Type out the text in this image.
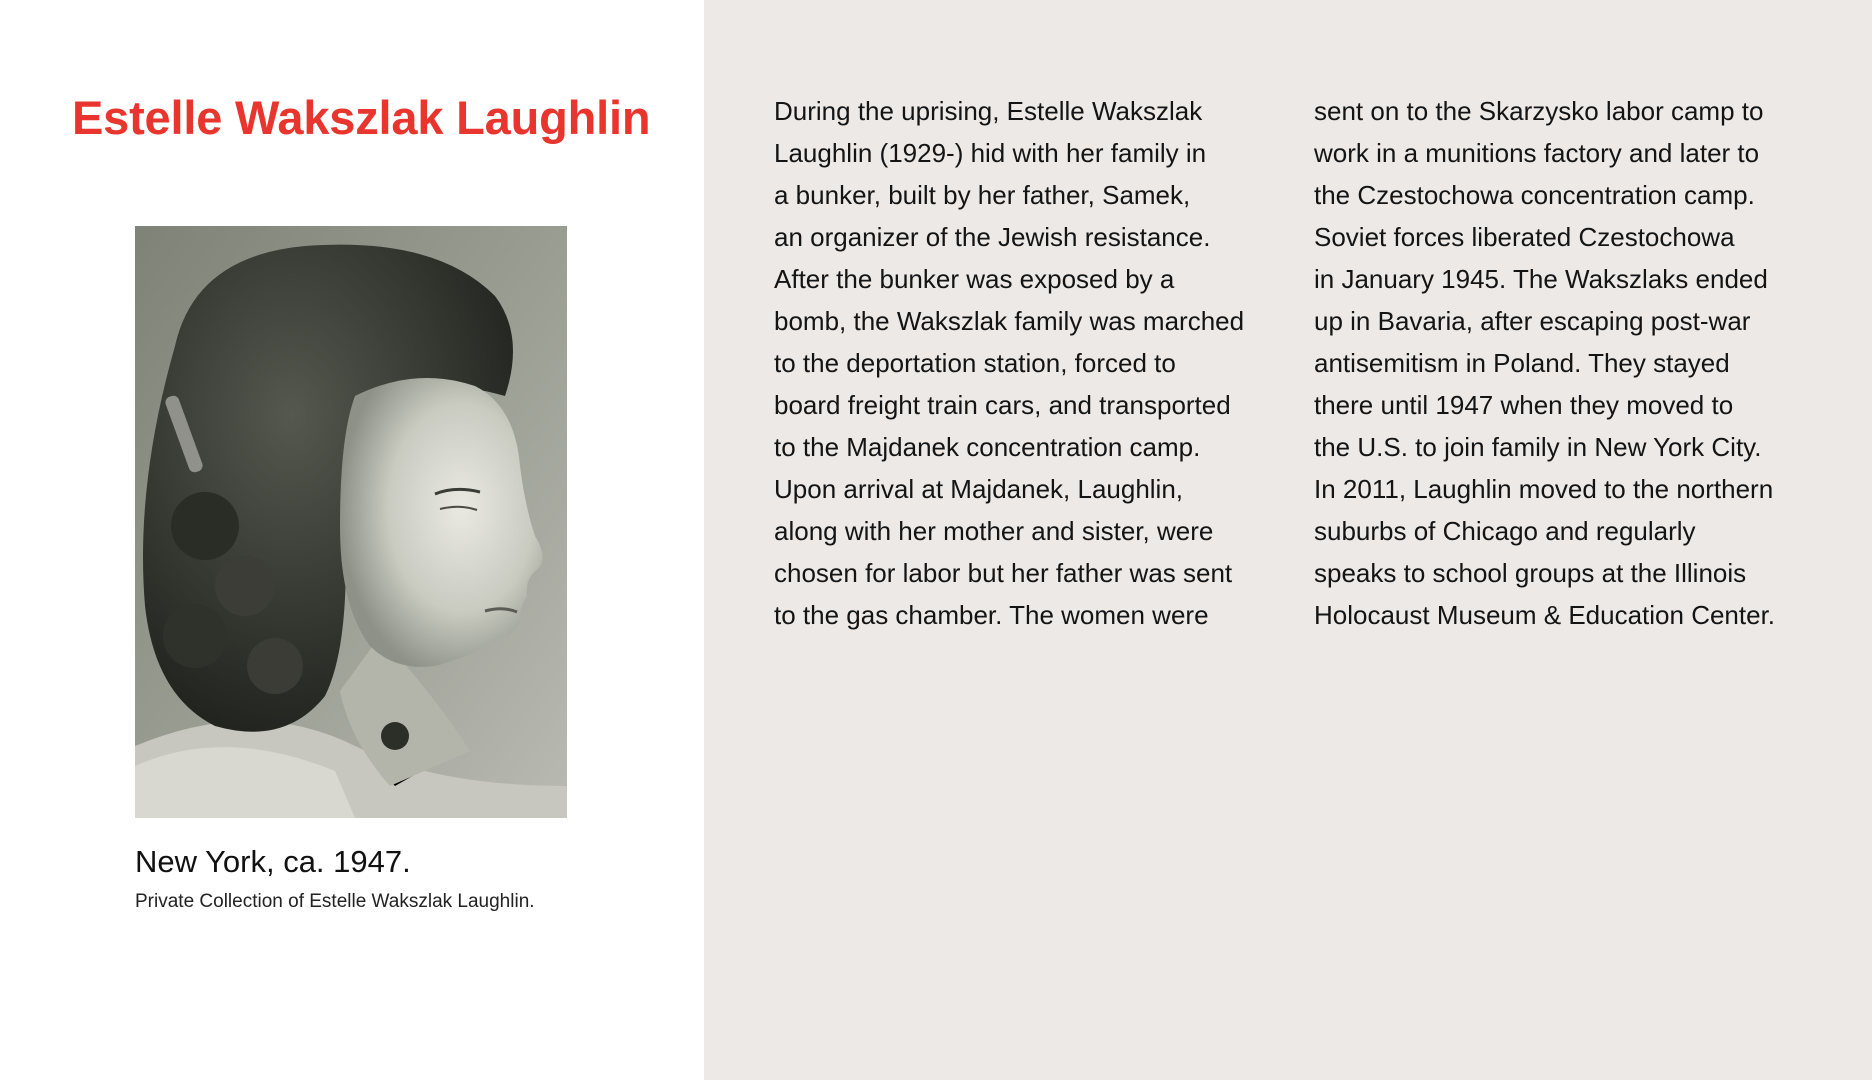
Estelle Wakszlak Laughlin

New York, ca. 1947.

Private Collection of Estelle Wakszlak Laughlin.

During the uprising, Estelle Wakszlak
Laughlin (1929-) hid with her family in
a bunker, built by her father, Samek,
an organizer of the Jewish resistance.
After the bunker was exposed by a
bomb, the Wakszlak family was marched
to the deportation station, forced to
board freight train cars, and transported
to the Majdanek concentration camp.
Upon arrival at Majdanek, Laughlin,
along with her mother and sister, were
chosen for labor but her father was sent
to the gas chamber. The women were
sent on to the Skarzysko labor camp to
work in a munitions factory and later to
the Czestochowa concentration camp.
Soviet forces liberated Czestochowa
in January 1945. The Wakszlaks ended
up in Bavaria, after escaping post-war
antisemitism in Poland. They stayed
there until 1947 when they moved to
the U.S. to join family in New York City.
In 2011, Laughlin moved to the northern
suburbs of Chicago and regularly
speaks to school groups at the Illinois
Holocaust Museum & Education Center.
